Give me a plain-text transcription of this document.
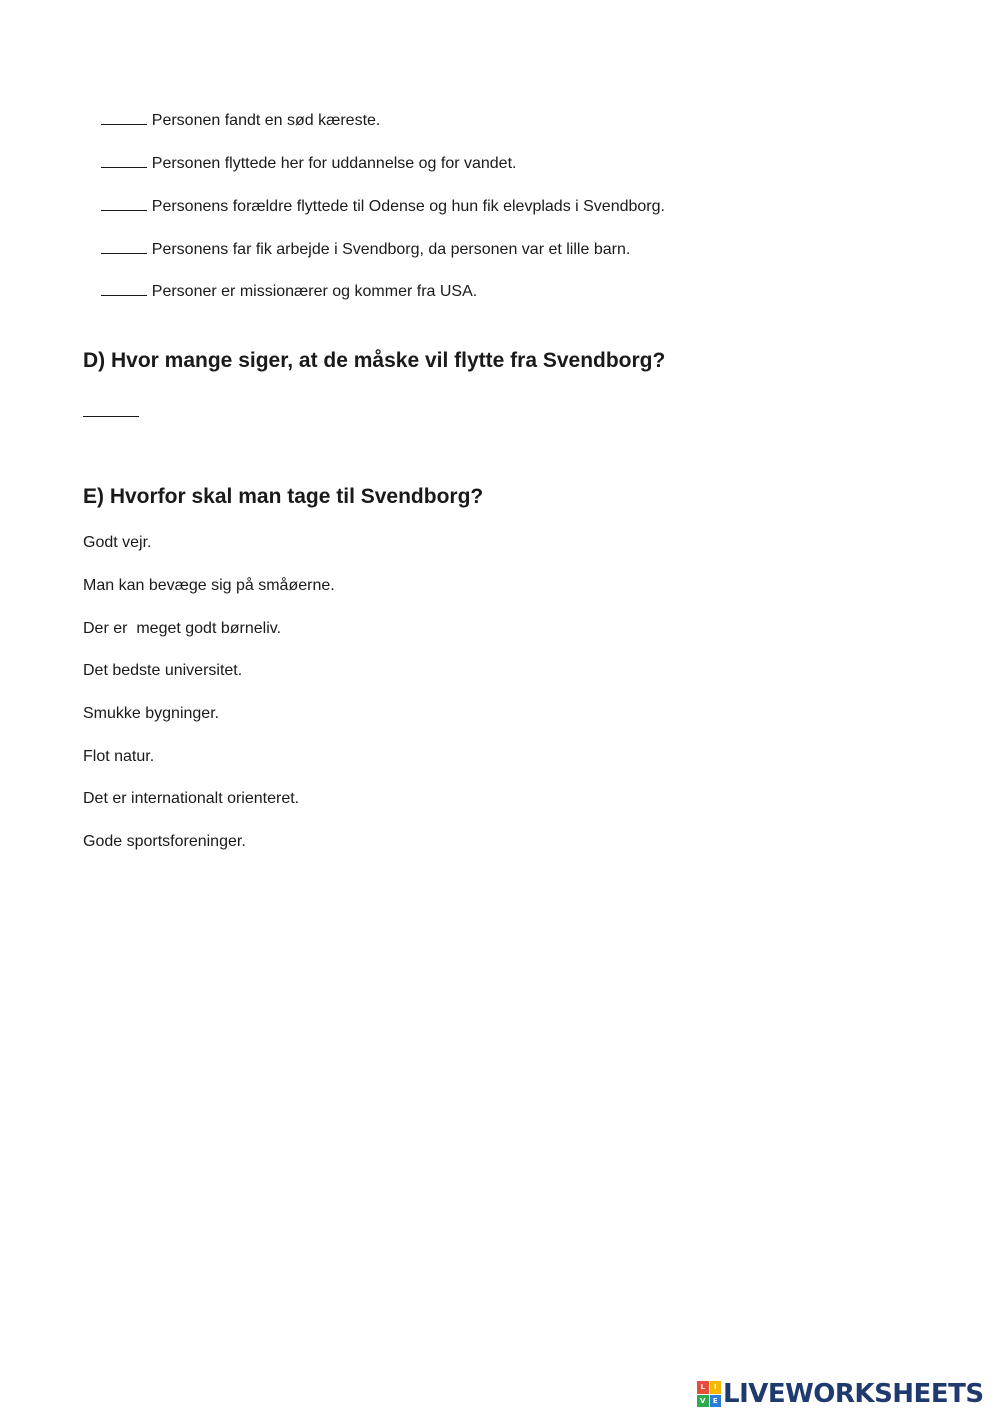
Personen fandt en sød kæreste.

Personen flyttede her for uddannelse og for vandet.

Personens forældre flyttede til Odense og hun fik elevplads i Svendborg.

Personens far fik arbejde i Svendborg, da personen var et lille barn.

Personer er missionærer og kommer fra USA.

D) Hvor mange siger, at de måske vil flytte fra Svendborg?
E) Hvorfor skal man tage til Svendborg?
Godt vejr.
Man kan bevæge sig på småøerne.
Der er  meget godt børneliv.
Det bedste universitet.
Smukke bygninger.
Flot natur.
Det er internationalt orienteret.
Gode sportsforeninger.
L	I
V	E LIVEWORKSHEETS
